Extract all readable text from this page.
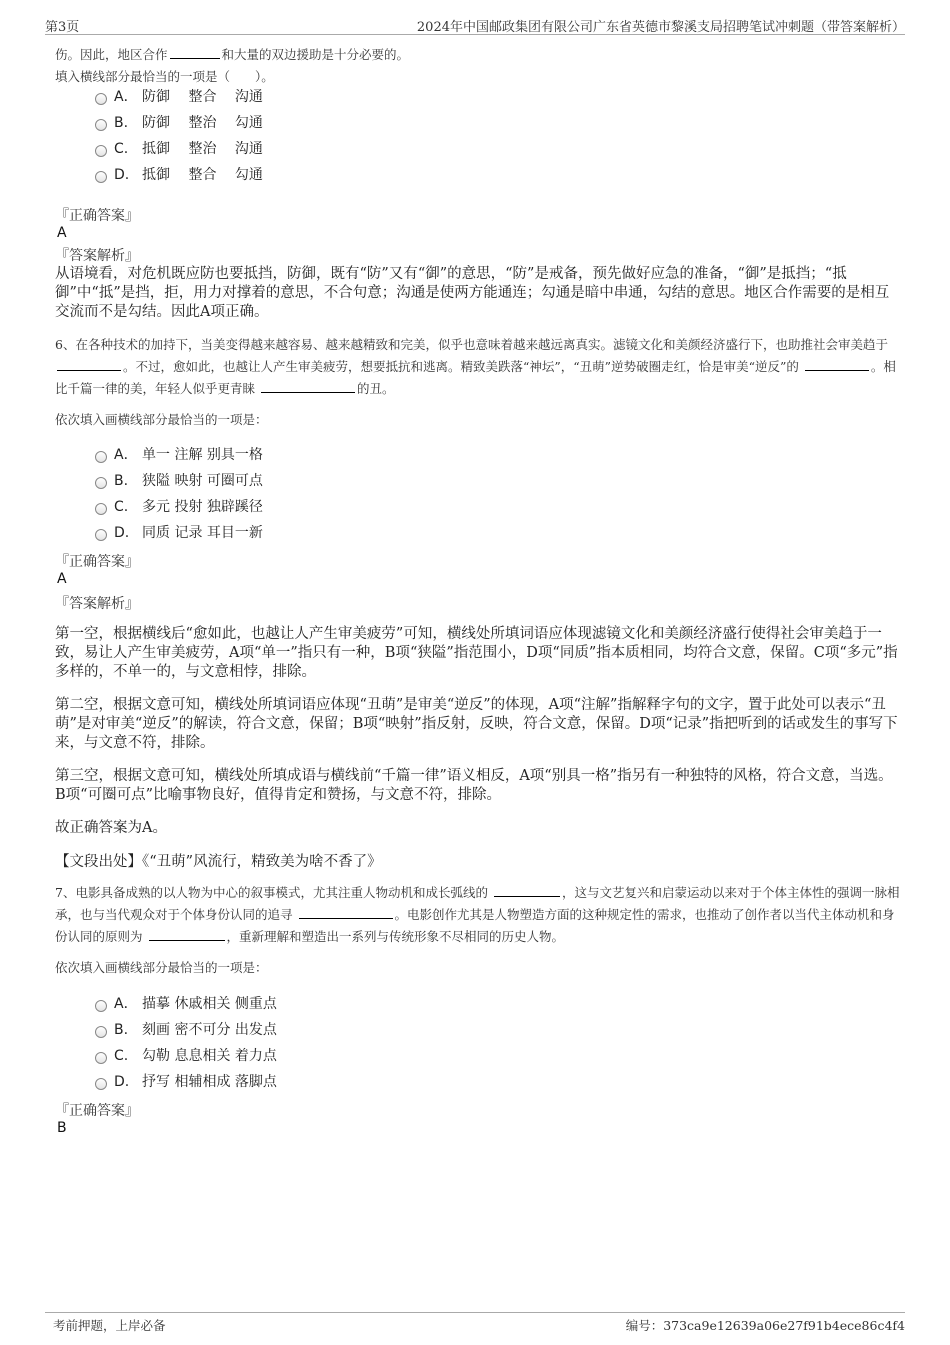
第3页	2024年中国邮政集团有限公司广东省英德市黎溪支局招聘笔试冲刺题（带答案解析）

伤。因此，地区合作	和大量的双边援助是十分必要的。

填入横线部分最恰当的一项是（　　）。

A． 防御　 整合　 沟通
B. 防御　 整治　 勾通
C. 抵御　 整治　 沟通
D. 抵御　 整合　 勾通
『正确答案』
A
『答案解析』

从语境看，对危机既应防也要抵挡，防御，既有“防”又有“御”的意思，“防”是戒备，预先做好应急的准备，“御”是抵挡；“抵御”中“抵”是挡，拒，用力对撑着的意思，不合句意；沟通是使两方能通连；勾通是暗中串通，勾结的意思。地区合作需要的是相互交流而不是勾结。因此A项正确。

6、在各种技术的加持下，当美变得越来越容易、越来越精致和完美，似乎也意味着越来越远离真实。滤镜文化和美颜经济盛行下，也助推社会审美趋于 。不过，愈如此，也越让人产生审美疲劳，想要抵抗和逃离。精致美跌落“神坛”，“丑萌”逆势破圈走红，恰是审美“逆反”的	。相比千篇一律的美，年轻人似乎更青睐	的丑。

依次填入画横线部分最恰当的一项是：
A． 单一 注解 别具一格
B. 狭隘 映射 可圈可点
C. 多元 投射 独辟蹊径
D. 同质 记录 耳目一新
『正确答案』
A
『答案解析』

第一空，根据横线后“愈如此，也越让人产生审美疲劳”可知，横线处所填词语应体现滤镜文化和美颜经济盛行使得社会审美趋于一致，易让人产生审美疲劳，A项“单一”指只有一种，B项“狭隘”指范围小，D项“同质”指本质相同，均符合文意，保留。C项“多元”指多样的，不单一的，与文意相悖，排除。

第二空，根据文意可知，横线处所填词语应体现“丑萌”是审美“逆反”的体现，A项“注解”指解释字句的文字，置于此处可以表示“丑萌”是对审美“逆反”的解读，符合文意，保留；B项“映射”指反射，反映，符合文意，保留。D项“记录”指把听到的话或发生的事写下来，与文意不符，排除。

第三空，根据文意可知，横线处所填成语与横线前“千篇一律”语义相反，A项“别具一格”指另有一种独特的风格，符合文意，当选。B项“可圈可点”比喻事物良好，值得肯定和赞扬，与文意不符，排除。

故正确答案为A。

【文段出处】《“丑萌”风流行，精致美为啥不香了》

7、电影具备成熟的以人物为中心的叙事模式，尤其注重人物动机和成长弧线的	，这与文艺复兴和启蒙运动以来对于个体主体性的强调一脉相承，也与当代观众对于个体身份认同的追寻	。电影创作尤其是人物塑造方面的这种规定性的需求，也推动了创作者以当代主体动机和身份认同的原则为	，重新理解和塑造出一系列与传统形象不尽相同的历史人物。

依次填入画横线部分最恰当的一项是：
A． 描摹 休戚相关 侧重点
B. 刻画 密不可分 出发点
C. 勾勒 息息相关 着力点
D. 抒写 相辅相成 落脚点
『正确答案』
B
考前押题，上岸必备	编号：373ca9e12639a06e27f91b4ece86c4f4
